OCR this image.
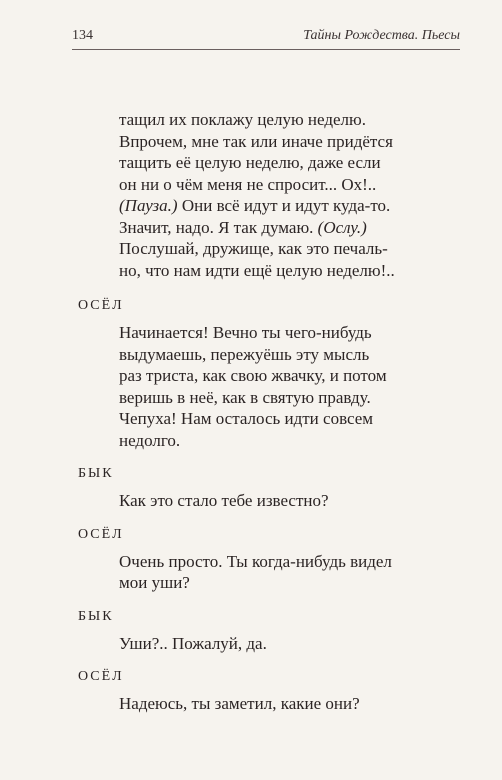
134	Тайны Рождества. Пьесы
тащил их поклажу целую неделю.
Впрочем, мне так или иначе придётся
тащить её целую неделю, даже если
он ни о чём меня не спросит... Ох!..
(Пауза.) Они всё идут и идут куда-то.
Значит, надо. Я так думаю. (Ослу.)
Послушай, дружище, как это печаль-
но, что нам идти ещё целую неделю!..
ОСЁЛ
Начинается! Вечно ты чего-нибудь
выдумаешь, пережуёшь эту мысль
раз триста, как свою жвачку, и потом
веришь в неё, как в святую правду.
Чепуха! Нам осталось идти совсем
недолго.
БЫК
Как это стало тебе известно?
ОСЁЛ
Очень просто. Ты когда-нибудь видел
мои уши?
БЫК
Уши?.. Пожалуй, да.
ОСЁЛ
Надеюсь, ты заметил, какие они?
